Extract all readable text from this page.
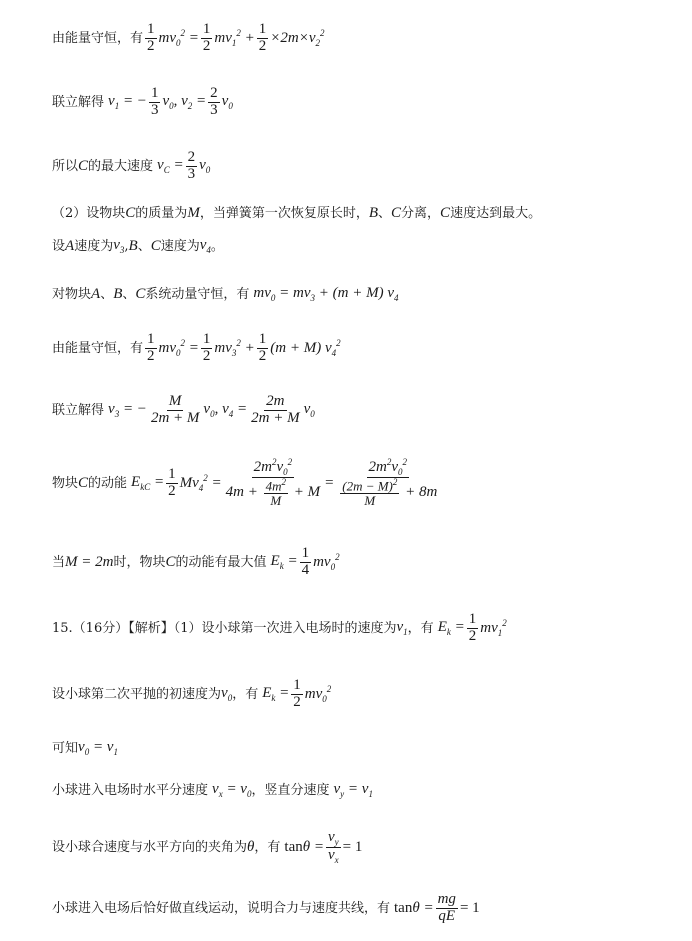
由能量守恒，有 $\frac{1}{2} mv_0^2 = \frac{1}{2} mv_1^2 + \frac{1}{2} \times 2m\times v_2^2$
联立解得 $v_1$ = − $\frac{1}{3} v_0$, $v_2 = \frac{2}{3} v_0$
所以 C 的最大速度 $v_C = \frac{2}{3} v_0$
（2）设物块 C 的质量为 M ，当弹簧第一次恢复原长时， B 、 C 分离， C 速度达到最大。
设 A 速度为 $v_3$ , B 、 C 速度为 $v_4$ 。
对物块 A 、 B 、 C 系统动量守恒，有 $mv_0 = mv_3 + (m + M)$ $v_4$
由能量守恒，有 $\frac{1}{2} mv_0^2 = \frac{1}{2} mv_3^2 + \frac{1}{2} (m + M)$ $v_4^2$
联立解得 $v_3$ = − $\frac{M}{2m + M} v_0$, $v_4 = \frac{2m}{2m + M} v_0$
物块 C 的动能 $E_{kC} = \frac{1}{2} Mv_4^2 = \frac{2m^2v_0^2}{4m + \frac{4m^2}{M} + M} = \frac{2m^2v_0^2}{\frac{(2m - M)^2}{M} + 8m}$
当 M = 2m 时，物块 C 的动能有最大值 $E_k = \frac{1}{4} mv_0^2$
15.（16分）【解析】（1）设小球第一次进入电场时的速度为 $v_1$ ，有 $E_k = \frac{1}{2} mv_1^2$
设小球第二次平抛的初速度为 $v_0$ ，有 $E_k = \frac{1}{2} mv_0^2$
可知 $v_0 = v_1$
小球进入电场时水平分速度 $v_x = v_0$ ，竖直分速度 $v_y = v_1$
设小球合速度与水平方向的夹角为 θ ，有 $\tan \theta = \frac{v_y}{v_x} = 1$
小球进入电场后恰好做直线运动，说明合力与速度共线，有 $\tan \theta = \frac{mg}{qE} = 1$
